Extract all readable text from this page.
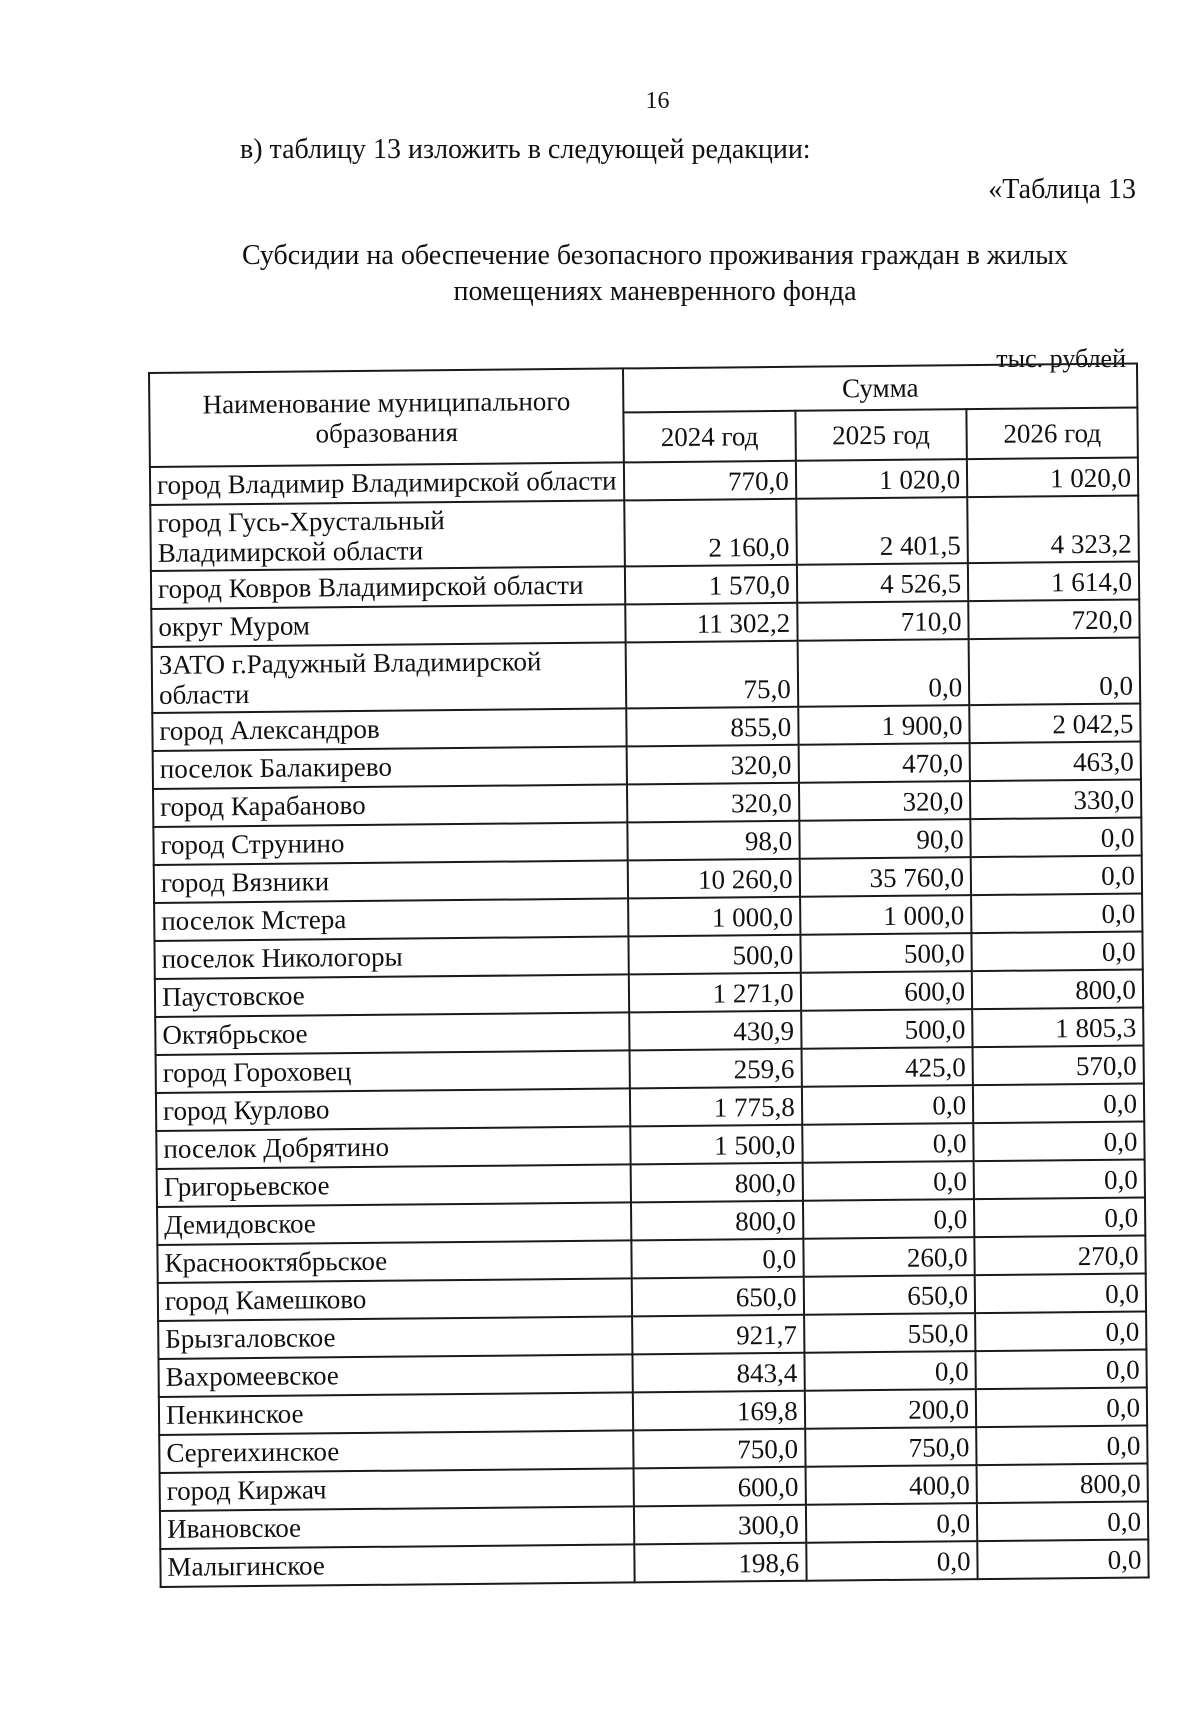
16
в) таблицу 13 изложить в следующей редакции:
«Таблица 13
Субсидии на обеспечение безопасного проживания граждан в жилых
помещениях маневренного фонда
тыс. рублей
Наименование муниципального образования	Сумма		
	2024 год	2025 год	2026 год
город Владимир Владимирской области	770,0	1 020,0	1 020,0
город Гусь-Хрустальный Владимирской области	2 160,0	2 401,5	4 323,2
город Ковров Владимирской области	1 570,0	4 526,5	1 614,0
округ Муром	11 302,2	710,0	720,0
ЗАТО г.Радужный Владимирской области	75,0	0,0	0,0
город Александров	855,0	1 900,0	2 042,5
поселок Балакирево	320,0	470,0	463,0
город Карабаново	320,0	320,0	330,0
город Струнино	98,0	90,0	0,0
город Вязники	10 260,0	35 760,0	0,0
поселок Мстера	1 000,0	1 000,0	0,0
поселок Никологоры	500,0	500,0	0,0
Паустовское	1 271,0	600,0	800,0
Октябрьское	430,9	500,0	1 805,3
город Гороховец	259,6	425,0	570,0
город Курлово	1 775,8	0,0	0,0
поселок Добрятино	1 500,0	0,0	0,0
Григорьевское	800,0	0,0	0,0
Демидовское	800,0	0,0	0,0
Краснооктябрьское	0,0	260,0	270,0
город Камешково	650,0	650,0	0,0
Брызгаловское	921,7	550,0	0,0
Вахромеевское	843,4	0,0	0,0
Пенкинское	169,8	200,0	0,0
Сергеихинское	750,0	750,0	0,0
город Киржач	600,0	400,0	800,0
Ивановское	300,0	0,0	0,0
Малыгинское	198,6	0,0	0,0
